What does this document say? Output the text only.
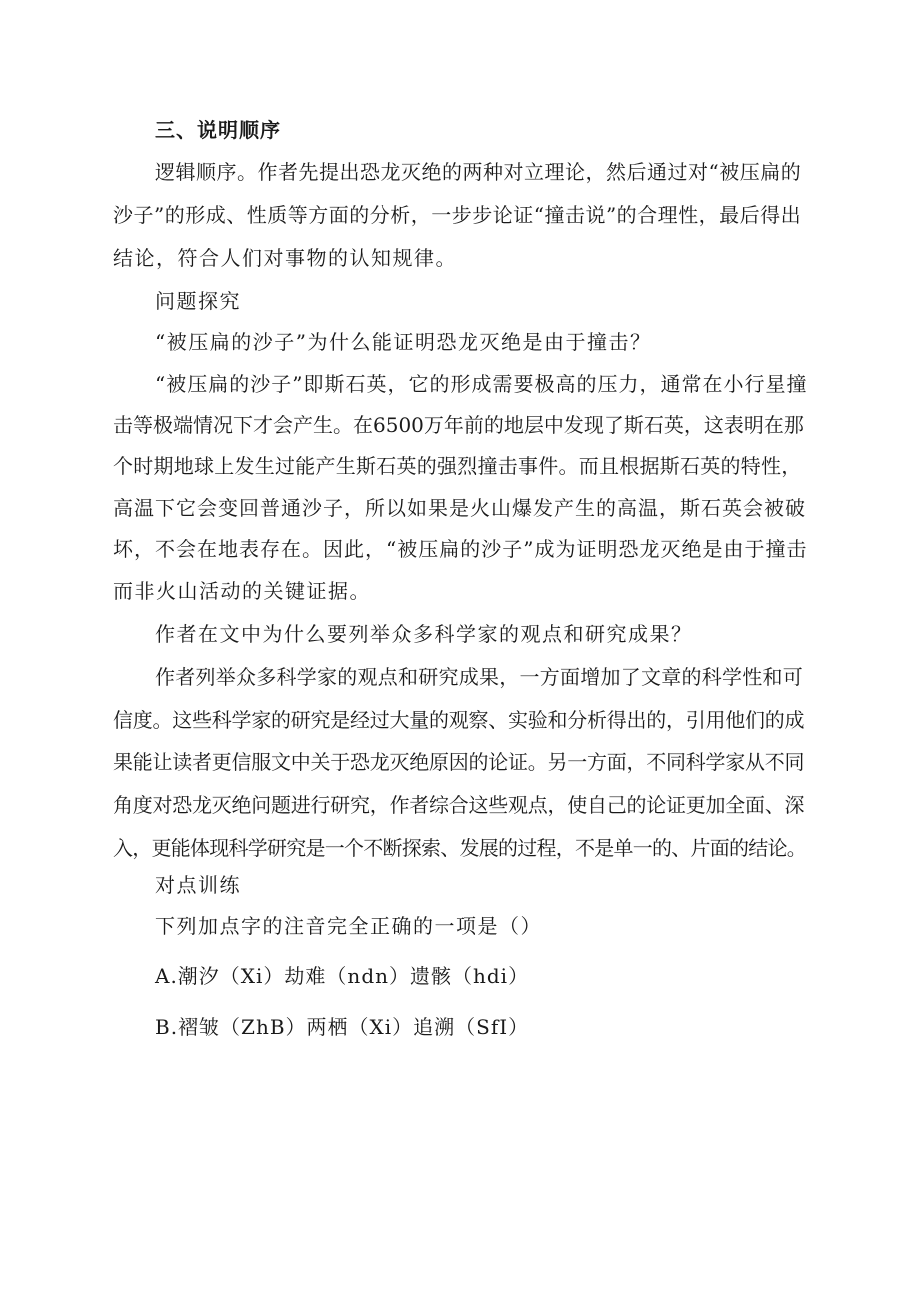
三、说明顺序
逻辑顺序。作者先提出恐龙灭绝的两种对立理论，然后通过对“被压扁的
沙子”的形成、性质等方面的分析，一步步论证“撞击说”的合理性，最后得出
结论，符合人们对事物的认知规律。
问题探究
“被压扁的沙子”为什么能证明恐龙灭绝是由于撞击？
“被压扁的沙子”即斯石英，它的形成需要极高的压力，通常在小行星撞
击等极端情况下才会产生。在6500万年前的地层中发现了斯石英，这表明在那
个时期地球上发生过能产生斯石英的强烈撞击事件。而且根据斯石英的特性，
高温下它会变回普通沙子，所以如果是火山爆发产生的高温，斯石英会被破
坏，不会在地表存在。因此，“被压扁的沙子”成为证明恐龙灭绝是由于撞击
而非火山活动的关键证据。
作者在文中为什么要列举众多科学家的观点和研究成果？
作者列举众多科学家的观点和研究成果，一方面增加了文章的科学性和可
信度。这些科学家的研究是经过大量的观察、实验和分析得出的，引用他们的成
果能让读者更信服文中关于恐龙灭绝原因的论证。另一方面，不同科学家从不同
角度对恐龙灭绝问题进行研究，作者综合这些观点，使自己的论证更加全面、深
入，更能体现科学研究是一个不断探索、发展的过程，不是单一的、片面的结论。
对点训练
下列加点字的注音完全正确的一项是（）
A.潮汐（Xi）劫难（ndn）遗骸（hdi）
B.褶皱（ZhB）两栖（Xi）追溯（SfI）
